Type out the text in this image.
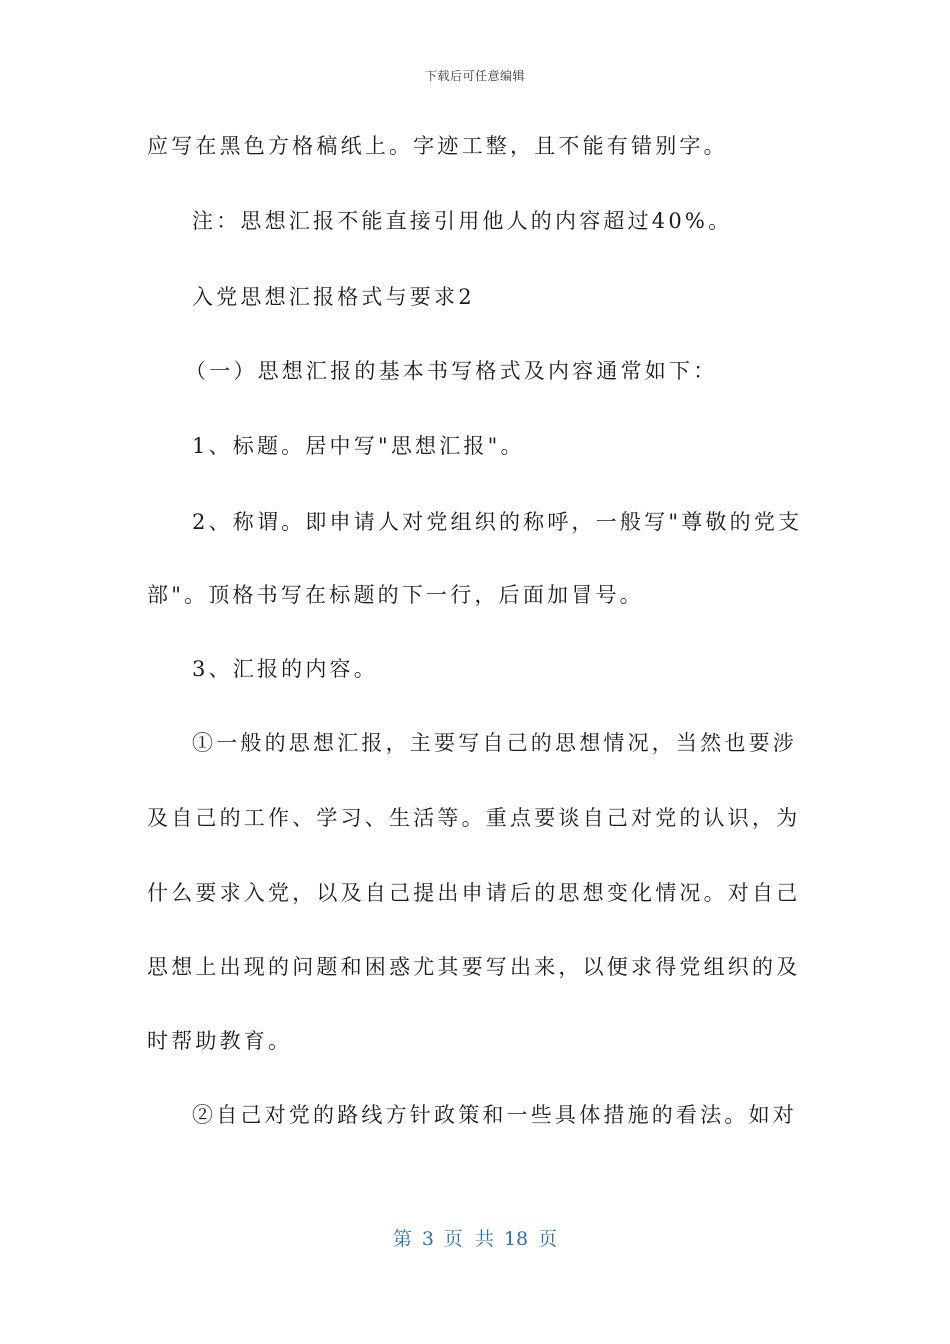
下载后可任意编辑
应写在黑色方格稿纸上。字迹工整，且不能有错别字。
注：思想汇报不能直接引用他人的内容超过40%。
入党思想汇报格式与要求2
（一）思想汇报的基本书写格式及内容通常如下：
1、标题。居中写"思想汇报"。
2、称谓。即申请人对党组织的称呼，一般写"尊敬的党支
部"。顶格书写在标题的下一行，后面加冒号。
3、汇报的内容。
①一般的思想汇报，主要写自己的思想情况，当然也要涉
及自己的工作、学习、生活等。重点要谈自己对党的认识，为
什么要求入党，以及自己提出申请后的思想变化情况。对自己
思想上出现的问题和困惑尤其要写出来，以便求得党组织的及
时帮助教育。
②自己对党的路线方针政策和一些具体措施的看法。如对
第 3 页 共 18 页
